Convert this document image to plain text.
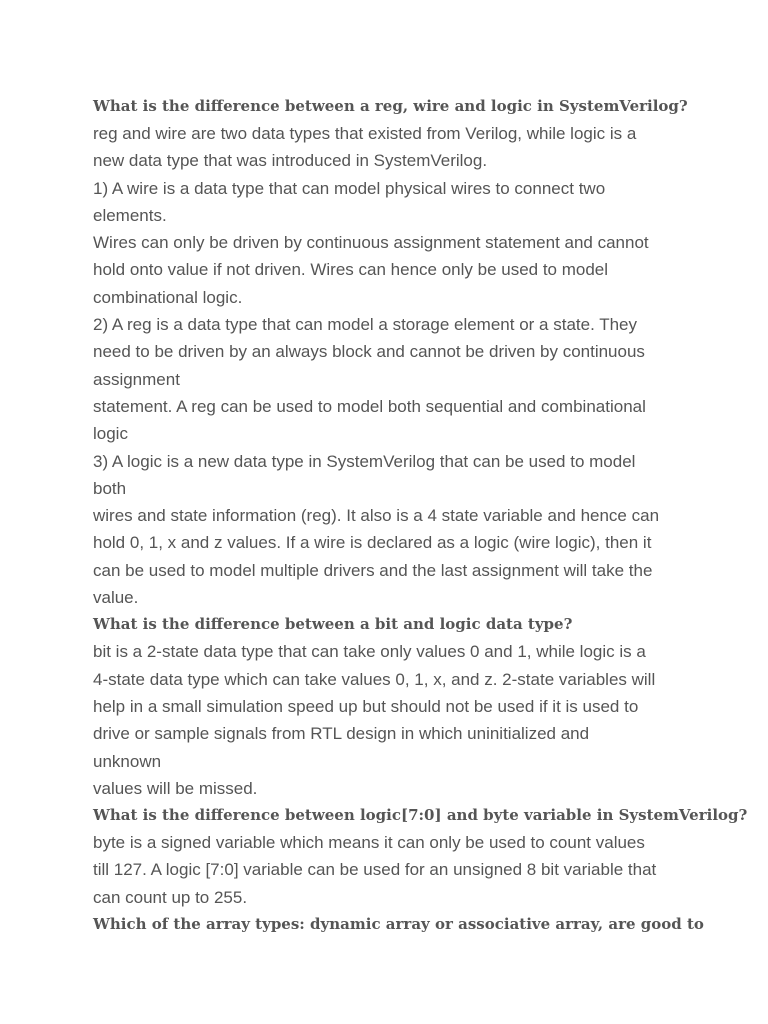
What is the difference between a reg, wire and logic in SystemVerilog?
reg and wire are two data types that existed from Verilog, while logic is a
new data type that was introduced in SystemVerilog.
1) A wire is a data type that can model physical wires to connect two
elements.
Wires can only be driven by continuous assignment statement and cannot
hold onto value if not driven. Wires can hence only be used to model
combinational logic.
2) A reg is a data type that can model a storage element or a state. They
need to be driven by an always block and cannot be driven by continuous
assignment
statement. A reg can be used to model both sequential and combinational
logic
3) A logic is a new data type in SystemVerilog that can be used to model
both
wires and state information (reg). It also is a 4 state variable and hence can
hold 0, 1, x and z values. If a wire is declared as a logic (wire logic), then it
can be used to model multiple drivers and the last assignment will take the
value.
What is the difference between a bit and logic data type?
bit is a 2-state data type that can take only values 0 and 1, while logic is a
4-state data type which can take values 0, 1, x, and z. 2-state variables will
help in a small simulation speed up but should not be used if it is used to
drive or sample signals from RTL design in which uninitialized and
unknown
values will be missed.
What is the difference between logic[7:0] and byte variable in SystemVerilog?
byte is a signed variable which means it can only be used to count values
till 127. A logic [7:0] variable can be used for an unsigned 8 bit variable that
can count up to 255.
Which of the array types: dynamic array or associative array, are good to
